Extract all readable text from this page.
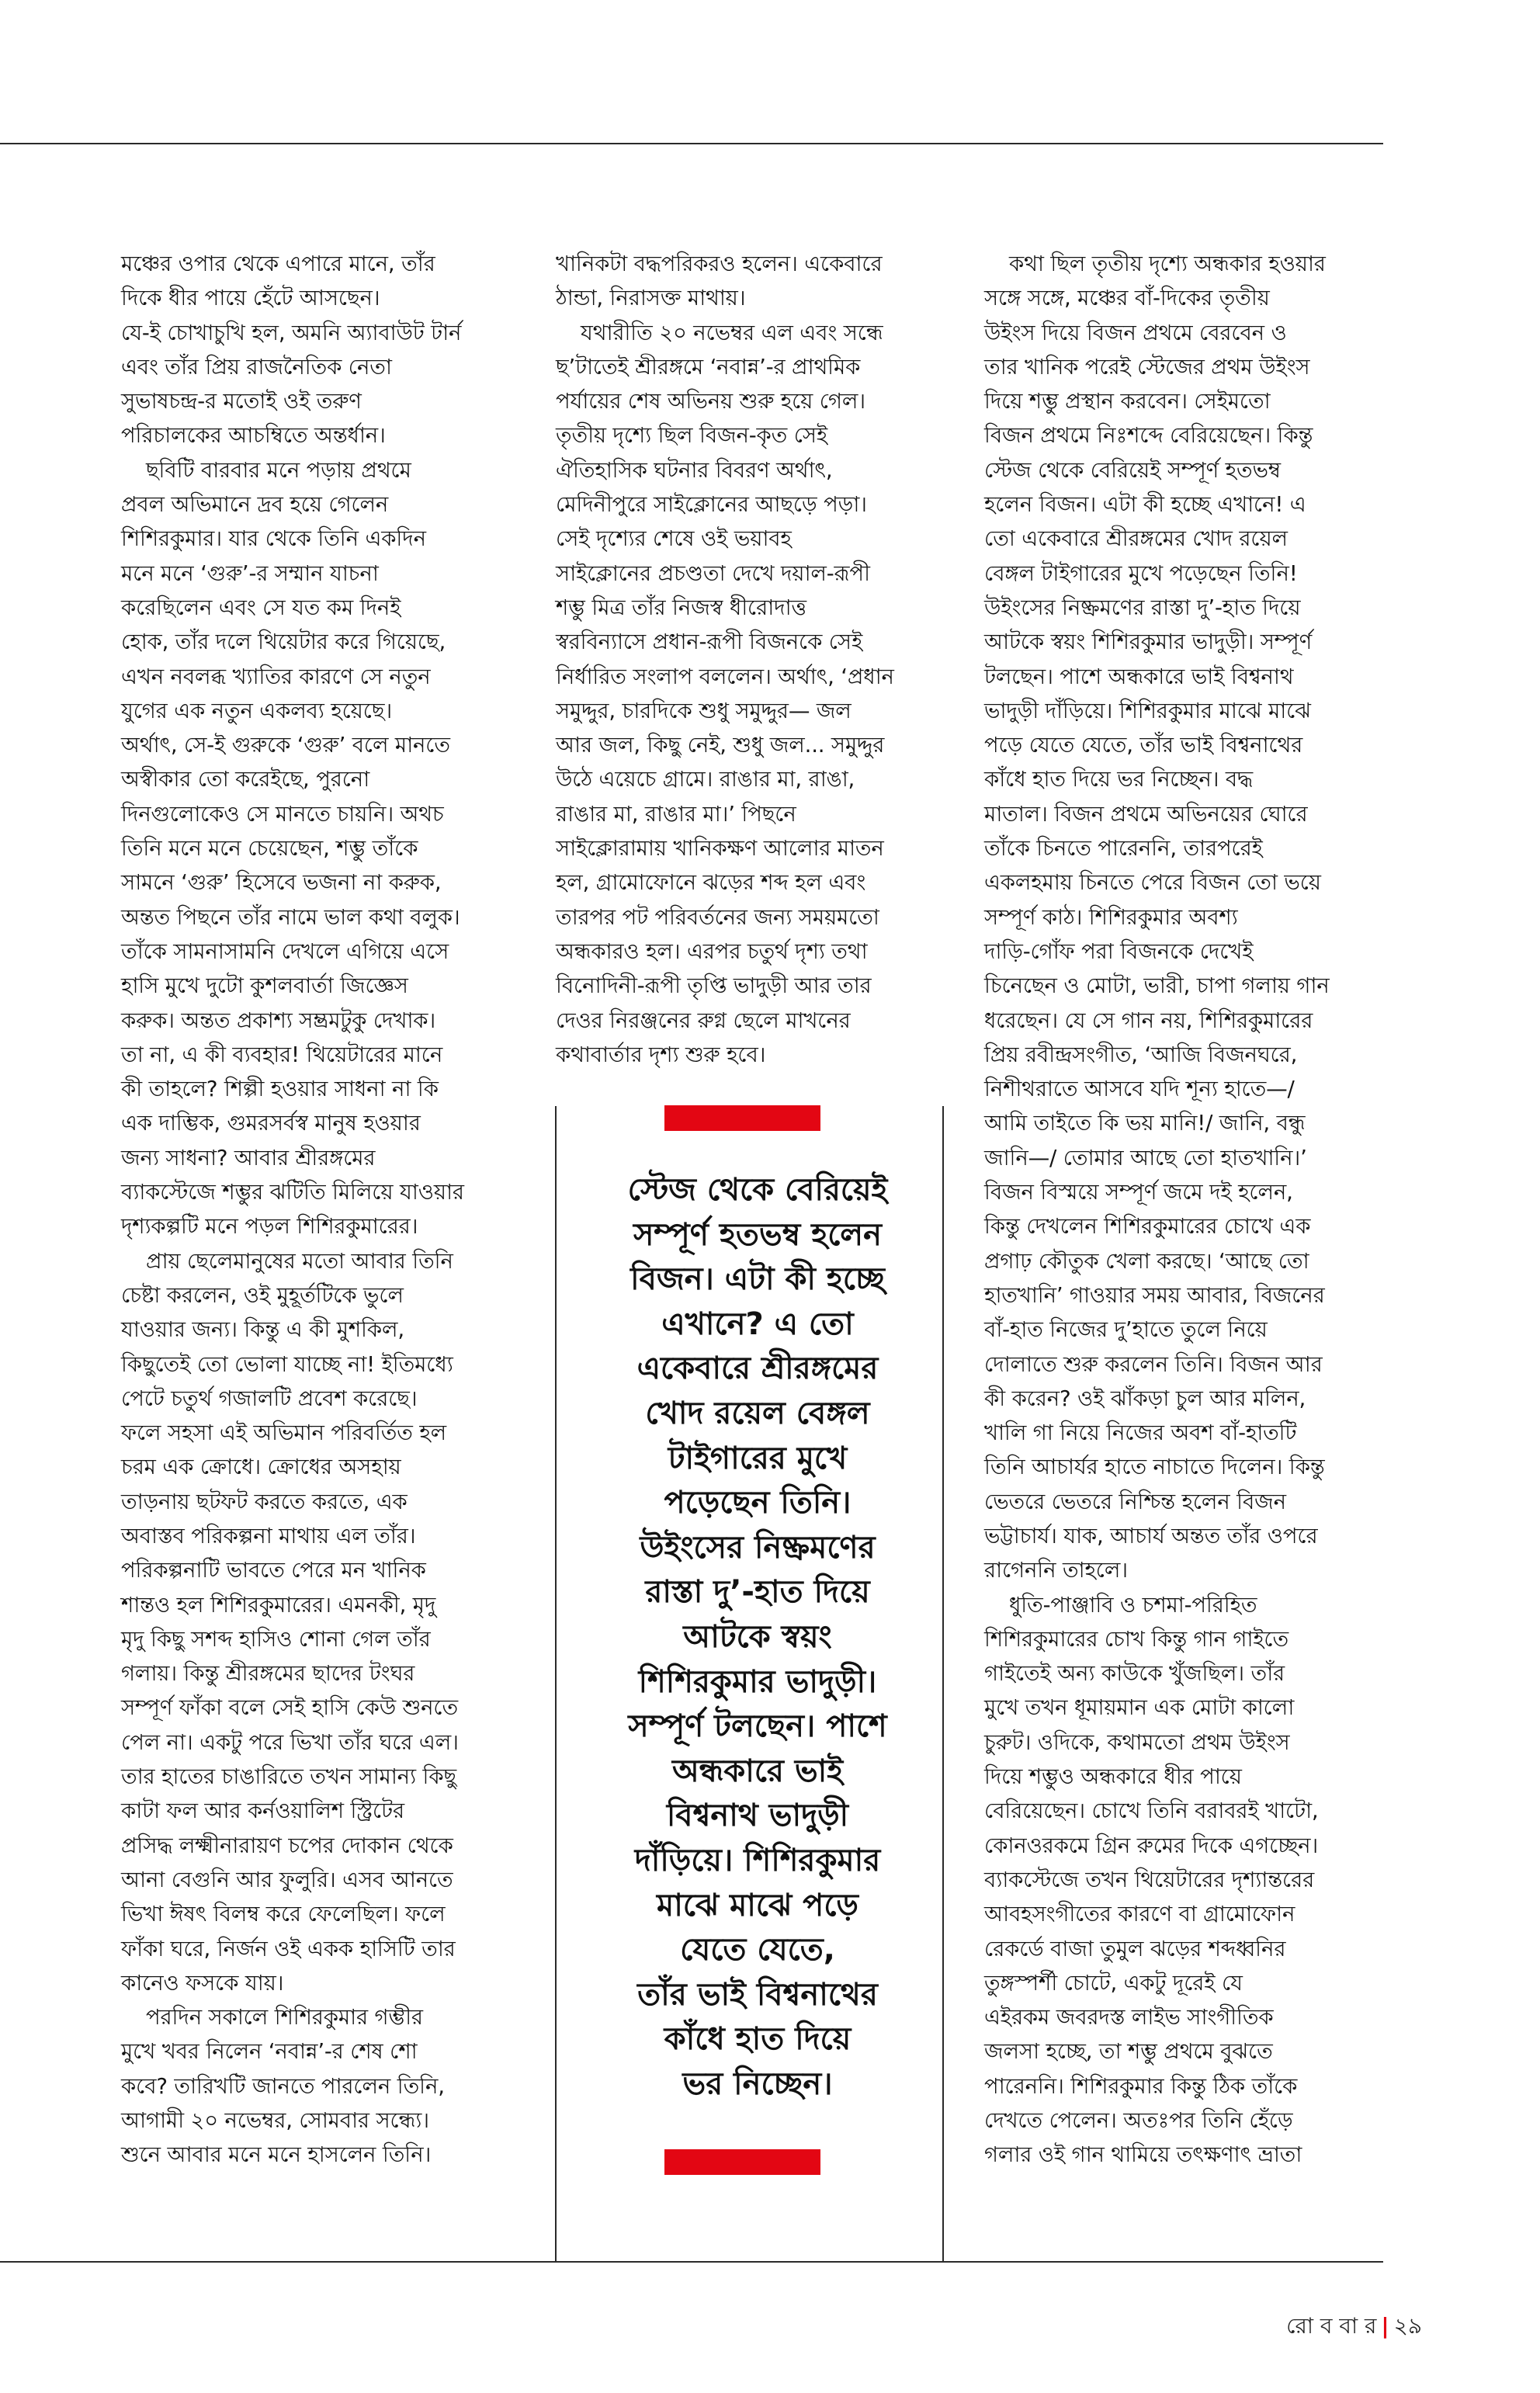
মঞ্চের ওপার থেকে এপারে মানে, তাঁর
দিকে ধীর পায়ে হেঁটে আসছেন।
যে-ই চোখাচুখি হল, অমনি অ্যাবাউট টার্ন
এবং তাঁর প্রিয় রাজনৈতিক নেতা
সুভাষচন্দ্র-র মতোই ওই তরুণ
পরিচালকের আচম্বিতে অন্তর্ধান।
ছবিটি বারবার মনে পড়ায় প্রথমে
প্রবল অভিমানে দ্রব হয়ে গেলেন
শিশিরকুমার। যার থেকে তিনি একদিন
মনে মনে ‘গুরু’-র সম্মান যাচনা
করেছিলেন এবং সে যত কম দিনই
হোক, তাঁর দলে থিয়েটার করে গিয়েছে,
এখন নবলব্ধ খ্যাতির কারণে সে নতুন
যুগের এক নতুন একলব্য হয়েছে।
অর্থাৎ, সে-ই গুরুকে ‘গুরু’ বলে মানতে
অস্বীকার তো করেইছে, পুরনো
দিনগুলোকেও সে মানতে চায়নি। অথচ
তিনি মনে মনে চেয়েছেন, শম্ভু তাঁকে
সামনে ‘গুরু’ হিসেবে ভজনা না করুক,
অন্তত পিছনে তাঁর নামে ভাল কথা বলুক।
তাঁকে সামনাসামনি দেখলে এগিয়ে এসে
হাসি মুখে দুটো কুশলবার্তা জিজ্ঞেস
করুক। অন্তত প্রকাশ্য সম্ভ্রমটুকু দেখাক।
তা না, এ কী ব্যবহার! থিয়েটারের মানে
কী তাহলে? শিল্পী হওয়ার সাধনা না কি
এক দাম্ভিক, গুমরসর্বস্ব মানুষ হওয়ার
জন্য সাধনা? আবার শ্রীরঙ্গমের
ব্যাকস্টেজে শম্ভুর ঝটিতি মিলিয়ে যাওয়ার
দৃশ্যকল্পটি মনে পড়ল শিশিরকুমারের।
প্রায় ছেলেমানুষের মতো আবার তিনি
চেষ্টা করলেন, ওই মুহূর্তটিকে ভুলে
যাওয়ার জন্য। কিন্তু এ কী মুশকিল,
কিছুতেই তো ভোলা যাচ্ছে না! ইতিমধ্যে
পেটে চতুর্থ গজালটি প্রবেশ করেছে।
ফলে সহসা এই অভিমান পরিবর্তিত হল
চরম এক ক্রোধে। ক্রোধের অসহায়
তাড়নায় ছটফট করতে করতে, এক
অবাস্তব পরিকল্পনা মাথায় এল তাঁর।
পরিকল্পনাটি ভাবতে পেরে মন খানিক
শান্তও হল শিশিরকুমারের। এমনকী, মৃদু
মৃদু কিছু সশব্দ হাসিও শোনা গেল তাঁর
গলায়। কিন্তু শ্রীরঙ্গমের ছাদের টংঘর
সম্পূর্ণ ফাঁকা বলে সেই হাসি কেউ শুনতে
পেল না। একটু পরে ভিখা তাঁর ঘরে এল।
তার হাতের চাঙারিতে তখন সামান্য কিছু
কাটা ফল আর কর্নওয়ালিশ স্ট্রিটের
প্রসিদ্ধ লক্ষ্মীনারায়ণ চপের দোকান থেকে
আনা বেগুনি আর ফুলুরি। এসব আনতে
ভিখা ঈষৎ বিলম্ব করে ফেলেছিল। ফলে
ফাঁকা ঘরে, নির্জন ওই একক হাসিটি তার
কানেও ফসকে যায়।
পরদিন সকালে শিশিরকুমার গম্ভীর
মুখে খবর নিলেন ‘নবান্ন’-র শেষ শো
কবে? তারিখটি জানতে পারলেন তিনি,
আগামী ২০ নভেম্বর, সোমবার সন্ধ্যে।
শুনে আবার মনে মনে হাসলেন তিনি।
খানিকটা বদ্ধপরিকরও হলেন। একেবারে
ঠান্ডা, নিরাসক্ত মাথায়।
যথারীতি ২০ নভেম্বর এল এবং সন্ধে
ছ’টাতেই শ্রীরঙ্গমে ‘নবান্ন’-র প্রাথমিক
পর্যায়ের শেষ অভিনয় শুরু হয়ে গেল।
তৃতীয় দৃশ্যে ছিল বিজন-কৃত সেই
ঐতিহাসিক ঘটনার বিবরণ অর্থাৎ,
মেদিনীপুরে সাইক্লোনের আছড়ে পড়া।
সেই দৃশ্যের শেষে ওই ভয়াবহ
সাইক্লোনের প্রচণ্ডতা দেখে দয়াল-রূপী
শম্ভু মিত্র তাঁর নিজস্ব ধীরোদাত্ত
স্বরবিন্যাসে প্রধান-রূপী বিজনকে সেই
নির্ধারিত সংলাপ বললেন। অর্থাৎ, ‘প্রধান
সমুদ্দুর, চারদিকে শুধু সমুদ্দুর— জল
আর জল, কিছু নেই, শুধু জল... সমুদ্দুর
উঠে এয়েচে গ্রামে। রাঙার মা, রাঙা,
রাঙার মা, রাঙার মা।’ পিছনে
সাইক্লোরামায় খানিকক্ষণ আলোর মাতন
হল, গ্রামোফোনে ঝড়ের শব্দ হল এবং
তারপর পট পরিবর্তনের জন্য সময়মতো
অন্ধকারও হল। এরপর চতুর্থ দৃশ্য তথা
বিনোদিনী-রূপী তৃপ্তি ভাদুড়ী আর তার
দেওর নিরঞ্জনের রুগ্ন ছেলে মাখনের
কথাবার্তার দৃশ্য শুরু হবে।
কথা ছিল তৃতীয় দৃশ্যে অন্ধকার হওয়ার
সঙ্গে সঙ্গে, মঞ্চের বাঁ-দিকের তৃতীয়
উইংস দিয়ে বিজন প্রথমে বেরবেন ও
তার খানিক পরেই স্টেজের প্রথম উইংস
দিয়ে শম্ভু প্রস্থান করবেন। সেইমতো
বিজন প্রথমে নিঃশব্দে বেরিয়েছেন। কিন্তু
স্টেজ থেকে বেরিয়েই সম্পূর্ণ হতভম্ব
হলেন বিজন। এটা কী হচ্ছে এখানে! এ
তো একেবারে শ্রীরঙ্গমের খোদ রয়েল
বেঙ্গল টাইগারের মুখে পড়েছেন তিনি!
উইংসের নিষ্ক্রমণের রাস্তা দু’-হাত দিয়ে
আটকে স্বয়ং শিশিরকুমার ভাদুড়ী। সম্পূর্ণ
টলছেন। পাশে অন্ধকারে ভাই বিশ্বনাথ
ভাদুড়ী দাঁড়িয়ে। শিশিরকুমার মাঝে মাঝে
পড়ে যেতে যেতে, তাঁর ভাই বিশ্বনাথের
কাঁধে হাত দিয়ে ভর নিচ্ছেন। বদ্ধ
মাতাল। বিজন প্রথমে অভিনয়ের ঘোরে
তাঁকে চিনতে পারেননি, তারপরেই
একলহমায় চিনতে পেরে বিজন তো ভয়ে
সম্পূর্ণ কাঠ। শিশিরকুমার অবশ্য
দাড়ি-গোঁফ পরা বিজনকে দেখেই
চিনেছেন ও মোটা, ভারী, চাপা গলায় গান
ধরেছেন। যে সে গান নয়, শিশিরকুমারের
প্রিয় রবীন্দ্রসংগীত, ‘আজি বিজনঘরে,
নিশীথরাতে আসবে যদি শূন্য হাতে—/
আমি তাইতে কি ভয় মানি!/ জানি, বন্ধু
জানি—/ তোমার আছে তো হাতখানি।’
বিজন বিস্ময়ে সম্পূর্ণ জমে দই হলেন,
কিন্তু দেখলেন শিশিরকুমারের চোখে এক
প্রগাঢ় কৌতুক খেলা করছে। ‘আছে তো
হাতখানি’ গাওয়ার সময় আবার, বিজনের
বাঁ-হাত নিজের দু’হাতে তুলে নিয়ে
দোলাতে শুরু করলেন তিনি। বিজন আর
কী করেন? ওই ঝাঁকড়া চুল আর মলিন,
খালি গা নিয়ে নিজের অবশ বাঁ-হাতটি
তিনি আচার্যর হাতে নাচাতে দিলেন। কিন্তু
ভেতরে ভেতরে নিশ্চিন্ত হলেন বিজন
ভট্টাচার্য। যাক, আচার্য অন্তত তাঁর ওপরে
রাগেননি তাহলে।
ধুতি-পাঞ্জাবি ও চশমা-পরিহিত
শিশিরকুমারের চোখ কিন্তু গান গাইতে
গাইতেই অন্য কাউকে খুঁজছিল। তাঁর
মুখে তখন ধূমায়মান এক মোটা কালো
চুরুট। ওদিকে, কথামতো প্রথম উইংস
দিয়ে শম্ভুও অন্ধকারে ধীর পায়ে
বেরিয়েছেন। চোখে তিনি বরাবরই খাটো,
কোনওরকমে গ্রিন রুমের দিকে এগচ্ছেন।
ব্যাকস্টেজে তখন থিয়েটারের দৃশ্যান্তরের
আবহসংগীতের কারণে বা গ্রামোফোন
রেকর্ডে বাজা তুমুল ঝড়ের শব্দধ্বনির
তুঙ্গস্পর্শী চোটে, একটু দূরেই যে
এইরকম জবরদস্ত লাইভ সাংগীতিক
জলসা হচ্ছে, তা শম্ভু প্রথমে বুঝতে
পারেননি। শিশিরকুমার কিন্তু ঠিক তাঁকে
দেখতে পেলেন। অতঃপর তিনি হেঁড়ে
গলার ওই গান থামিয়ে তৎক্ষণাৎ ভ্রাতা
স্টেজ থেকে বেরিয়েই
সম্পূর্ণ হতভম্ব হলেন
বিজন। এটা কী হচ্ছে
এখানে? এ তো
একেবারে শ্রীরঙ্গমের
খোদ রয়েল বেঙ্গল
টাইগারের মুখে
পড়েছেন তিনি।
উইংসের নিষ্ক্রমণের
রাস্তা দু’-হাত দিয়ে
আটকে স্বয়ং
শিশিরকুমার ভাদুড়ী।
সম্পূর্ণ টলছেন। পাশে
অন্ধকারে ভাই
বিশ্বনাথ ভাদুড়ী
দাঁড়িয়ে। শিশিরকুমার
মাঝে মাঝে পড়ে
যেতে যেতে,
তাঁর ভাই বিশ্বনাথের
কাঁধে হাত দিয়ে
ভর নিচ্ছেন।
রো ব বা র | ২৯
